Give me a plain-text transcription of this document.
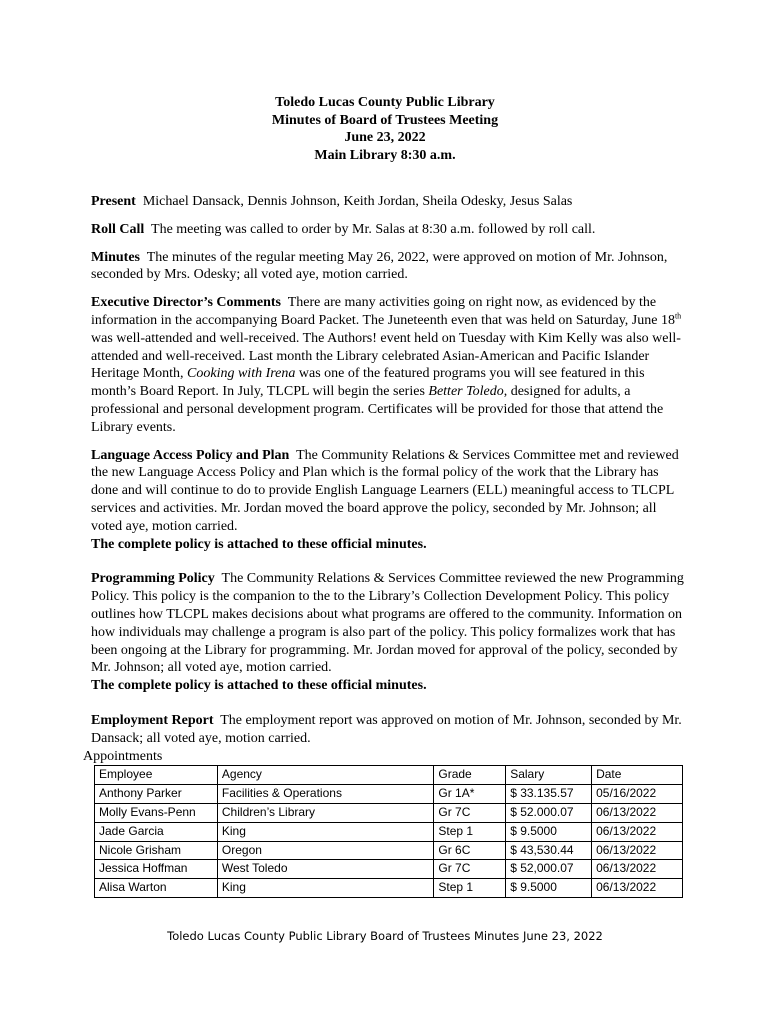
Toledo Lucas County Public Library
Minutes of Board of Trustees Meeting
June 23, 2022
Main Library 8:30 a.m.

Present Michael Dansack, Dennis Johnson, Keith Jordan, Sheila Odesky, Jesus Salas

Roll Call The meeting was called to order by Mr. Salas at 8:30 a.m. followed by roll call.

Minutes The minutes of the regular meeting May 26, 2022, were approved on motion of Mr. Johnson, seconded by Mrs. Odesky; all voted aye, motion carried.

Executive Director’s Comments There are many activities going on right now, as evidenced by the information in the accompanying Board Packet. The Juneteenth even that was held on Saturday, June 18th was well-attended and well-received. The Authors! event held on Tuesday with Kim Kelly was also well-attended and well-received. Last month the Library celebrated Asian-American and Pacific Islander Heritage Month, Cooking with Irena was one of the featured programs you will see featured in this month’s Board Report. In July, TLCPL will begin the series Better Toledo, designed for adults, a professional and personal development program. Certificates will be provided for those that attend the Library events.

Language Access Policy and Plan The Community Relations & Services Committee met and reviewed the new Language Access Policy and Plan which is the formal policy of the work that the Library has done and will continue to do to provide English Language Learners (ELL) meaningful access to TLCPL services and activities. Mr. Jordan moved the board approve the policy, seconded by Mr. Johnson; all voted aye, motion carried.
The complete policy is attached to these official minutes.

Programming Policy The Community Relations & Services Committee reviewed the new Programming Policy. This policy is the companion to the to the Library’s Collection Development Policy. This policy outlines how TLCPL makes decisions about what programs are offered to the community. Information on how individuals may challenge a program is also part of the policy. This policy formalizes work that has been ongoing at the Library for programming. Mr. Jordan moved for approval of the policy, seconded by Mr. Johnson; all voted aye, motion carried.
The complete policy is attached to these official minutes.

Employment Report The employment report was approved on motion of Mr. Johnson, seconded by Mr. Dansack; all voted aye, motion carried.

Appointments
Employee	Agency	Grade	Salary	Date
Anthony Parker	Facilities & Operations	Gr 1A*	$ 33.135.57	05/16/2022
Molly Evans-Penn	Children’s Library	Gr 7C	$ 52.000.07	06/13/2022
Jade Garcia	King	Step 1	$ 9.5000	06/13/2022
Nicole Grisham	Oregon	Gr 6C	$ 43,530.44	06/13/2022
Jessica Hoffman	West Toledo	Gr 7C	$ 52,000.07	06/13/2022
Alisa Warton	King	Step 1	$ 9.5000	06/13/2022
Toledo Lucas County Public Library Board of Trustees Minutes June 23, 2022
